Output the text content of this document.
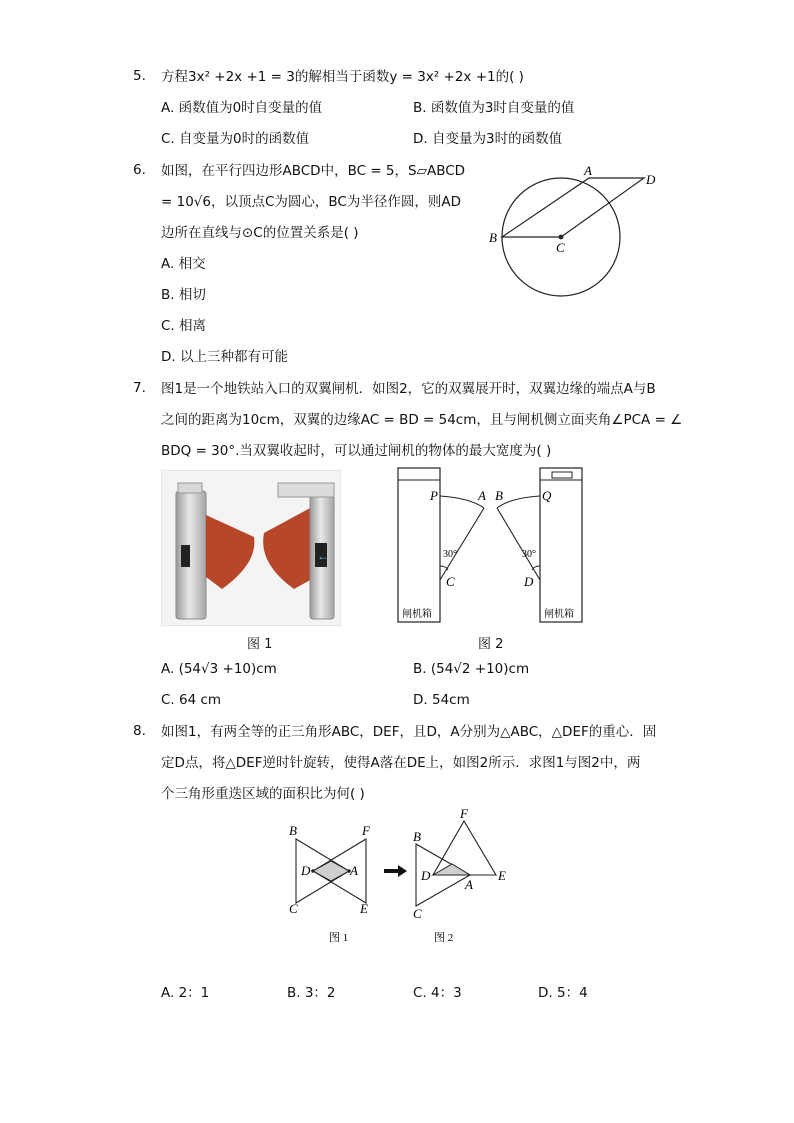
5. 方程3x² +2x +1 = 3的解相当于函数y = 3x² +2x +1的( )
A. 函数值为0时自变量的值	B. 函数值为3时自变量的值
C. 自变量为0时的函数值	D. 自变量为3时的函数值
6. 如图，在平行四边形ABCD中，BC = 5，S▱ABCD
= 10√6，以顶点C为圆心，BC为半径作圆，则AD
边所在直线与⊙C的位置关系是( )
A. 相交
B. 相切
C. 相离
D. 以上三种都有可能
A
D
B
C
7. 图1是一个地铁站入口的双翼闸机．如图2，它的双翼展开时，双翼边缘的端点A与B
之间的距离为10cm，双翼的边缘AC = BD = 54cm，且与闸机侧立面夹角∠PCA = ∠
BDQ = 30°.当双翼收起时，可以通过闸机的物体的最大宽度为( )
←
P	A B	Q
30°	30°
C	D
闸机箱	闸机箱
图 1	图 2
A. (54√3 +10)cm	B. (54√2 +10)cm
C. 64 cm	D. 54cm
8. 如图1，有两全等的正三角形ABC，DEF，且D，A分别为△ABC，△DEF的重心．固
定D点，将△DEF逆时针旋转，使得A落在DE上，如图2所示．求图1与图2中，两
个三角形重迭区域的面积比为何( )
B	F
D	A
C	E
F
B
D
A
E
C
图 1	图 2
A. 2：1	B. 3：2	C. 4：3	D. 5：4
